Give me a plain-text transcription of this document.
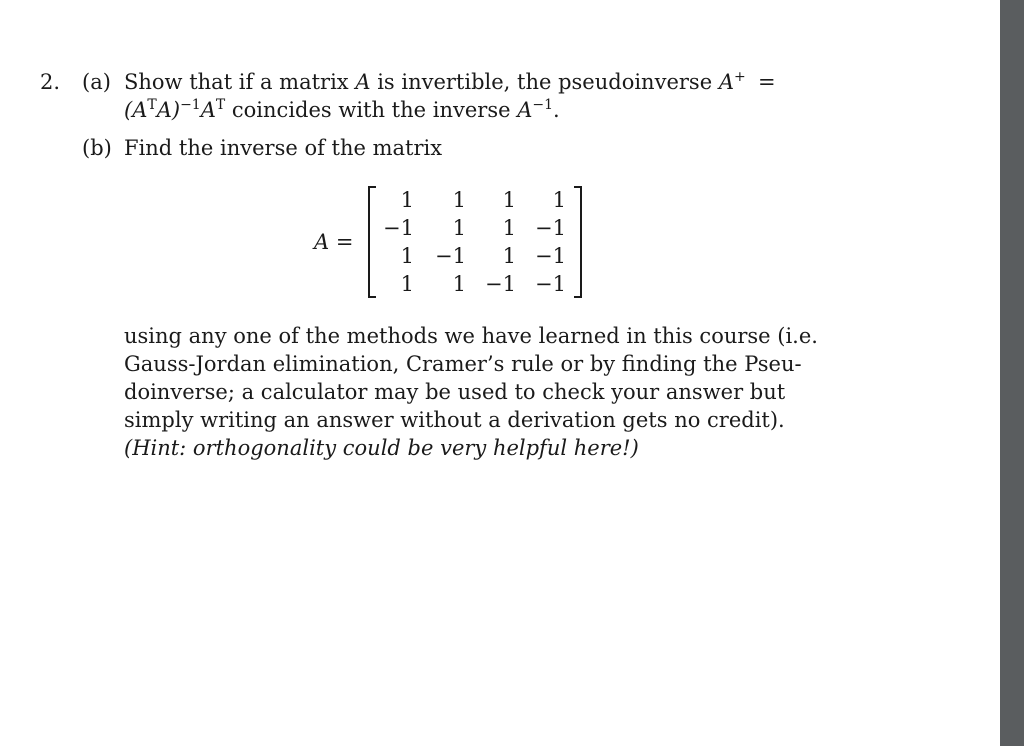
2. (a) Show that if a matrix A is invertible, the pseudoinverse A+ =
$(A^TA)^{-1}A^T$ coincides with the inverse $A^{-1}$.
(b) Find the inverse of the matrix
A =
1	1	1	1
−1	1	1 −1
1	−1	1 −1
1	1 −1 −1
using any one of the methods we have learned in this course (i.e.
Gauss-Jordan elimination, Cramer’s rule or by finding the Pseu-
doinverse; a calculator may be used to check your answer but
simply writing an answer without a derivation gets no credit).
(Hint: orthogonality could be very helpful here!)
